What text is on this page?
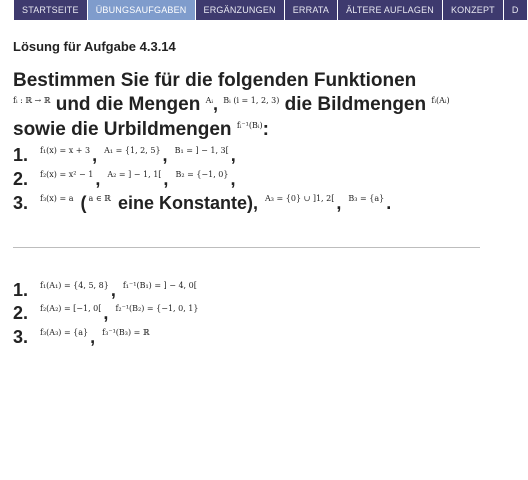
STARTSEITE	ÜBUNGSAUFGABEN	ERGÄNZUNGEN	ERRATA	ÄLTERE AUFLAGEN	KONZEPT	D
Lösung für Aufgabe 4.3.14
Bestimmen Sie für die folgenden Funktionen
$^{fᵢ : ℝ \to ℝ}$ und die Mengen $^{Aᵢ}$, $^{Bᵢ (i = 1, 2, 3)}$ die Bildmengen $^{fᵢ(Aᵢ)}$
sowie die Urbildmengen $^{fᵢ^{-1}(Bᵢ)}$:
1. $^{f_1(x) = x + 3}$ , $^{A_1 = \{1, 2, 5\}}$ , $^{B_1 = ] - 1, 3[}$ ,
2. $^{f_2(x) = x^2 - 1}$ , $^{A_2 = ] - 1, 1[}$ , $^{B_2 = \{-1, 0\}}$ ,
3. $^{f_3(x) = a}$ ( $^{a \in ℝ}$ eine Konstante), $^{A_3 = \{0\} \cup ]1, 2[}$ , $^{B_3 = \{a\}}$ .
1. $^{f_1(A_1) = \{4, 5, 8\}}$ , $^{f_1^{-1}(B_1) = ] - 4, 0[}$
2. $^{f_2(A_2) = [-1, 0[}$ , $^{f_2^{-1}(B_2) = \{-1, 0, 1\}}$
3. $^{f_3(A_3) = \{a\}}$ , $^{f_3^{-1}(B_3) = ℝ}$
